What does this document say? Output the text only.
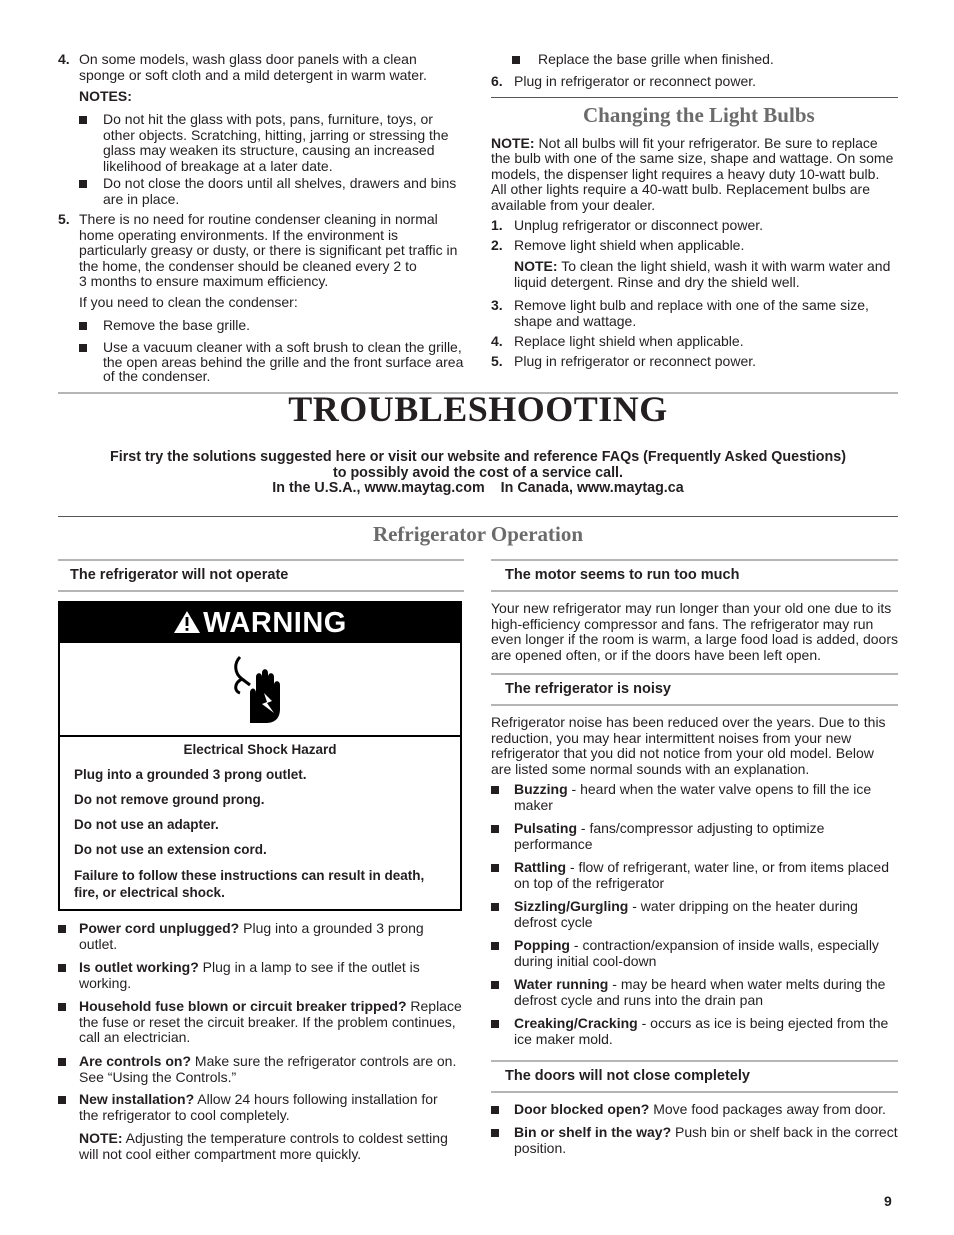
4. On some models, wash glass door panels with a clean
sponge or soft cloth and a mild detergent in warm water.

NOTES:

Do not hit the glass with pots, pans, furniture, toys, or
other objects. Scratching, hitting, jarring or stressing the
glass may weaken its structure, causing an increased
likelihood of breakage at a later date.

Do not close the doors until all shelves, drawers and bins
are in place.

5. There is no need for routine condenser cleaning in normal
home operating environments. If the environment is
particularly greasy or dusty, or there is significant pet traffic in
the home, the condenser should be cleaned every 2 to
3 months to ensure maximum efficiency.

If you need to clean the condenser:

Remove the base grille.

Use a vacuum cleaner with a soft brush to clean the grille,
the open areas behind the grille and the front surface area
of the condenser.

Replace the base grille when finished.

6. Plug in refrigerator or reconnect power.

Changing the Light Bulbs

NOTE: Not all bulbs will fit your refrigerator. Be sure to replace
the bulb with one of the same size, shape and wattage. On some
models, the dispenser light requires a heavy duty 10-watt bulb.
All other lights require a 40-watt bulb. Replacement bulbs are
available from your dealer.

1. Unplug refrigerator or disconnect power.

2. Remove light shield when applicable.

NOTE: To clean the light shield, wash it with warm water and
liquid detergent. Rinse and dry the shield well.

3. Remove light bulb and replace with one of the same size,
shape and wattage.

4. Replace light shield when applicable.

5. Plug in refrigerator or reconnect power.

TROUBLESHOOTING

First try the solutions suggested here or visit our website and reference FAQs (Frequently Asked Questions)

to possibly avoid the cost of a service call.

In the U.S.A., www.maytag.com In Canada, www.maytag.ca

Refrigerator Operation

The refrigerator will not operate

WARNING

Electrical Shock Hazard

Plug into a grounded 3 prong outlet.

Do not remove ground prong.

Do not use an adapter.

Do not use an extension cord.

Failure to follow these instructions can result in death,
fire, or electrical shock.

Power cord unplugged? Plug into a grounded 3 prong
outlet.

Is outlet working? Plug in a lamp to see if the outlet is
working.

Household fuse blown or circuit breaker tripped? Replace
the fuse or reset the circuit breaker. If the problem continues,
call an electrician.

Are controls on? Make sure the refrigerator controls are on.
See “Using the Controls.”

New installation? Allow 24 hours following installation for
the refrigerator to cool completely.

NOTE: Adjusting the temperature controls to coldest setting
will not cool either compartment more quickly.

The motor seems to run too much

Your new refrigerator may run longer than your old one due to its
high-efficiency compressor and fans. The refrigerator may run
even longer if the room is warm, a large food load is added, doors
are opened often, or if the doors have been left open.

The refrigerator is noisy

Refrigerator noise has been reduced over the years. Due to this
reduction, you may hear intermittent noises from your new
refrigerator that you did not notice from your old model. Below
are listed some normal sounds with an explanation.

Buzzing - heard when the water valve opens to fill the ice
maker

Pulsating - fans/compressor adjusting to optimize
performance

Rattling - flow of refrigerant, water line, or from items placed
on top of the refrigerator

Sizzling/Gurgling - water dripping on the heater during
defrost cycle

Popping - contraction/expansion of inside walls, especially
during initial cool-down

Water running - may be heard when water melts during the
defrost cycle and runs into the drain pan

Creaking/Cracking - occurs as ice is being ejected from the
ice maker mold.

The doors will not close completely

Door blocked open? Move food packages away from door.

Bin or shelf in the way? Push bin or shelf back in the correct
position.

9
